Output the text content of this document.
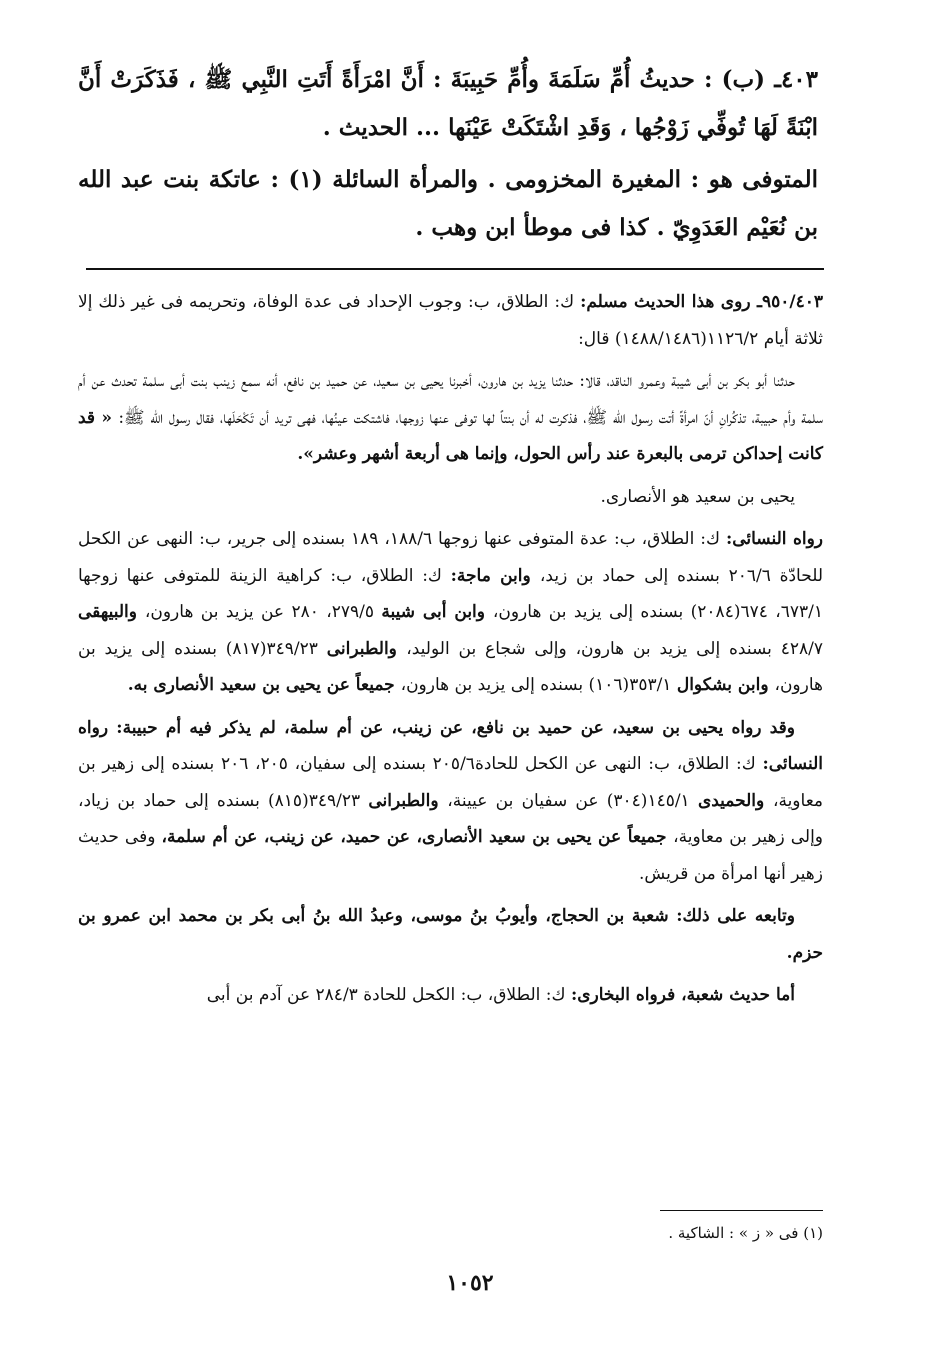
٤٠٣ـ (ب) : حديثُ أُمِّ سَلَمَةَ وأُمِّ حَبِيبَةَ : أَنَّ امْرَأَةً أَتَتِ النَّبِي ﷺ ، فَذَكَرَتْ أَنَّ ابْنَةً لَهَا تُوفِّي زَوْجُها ، وَقَدِ اشْتَكَتْ عَيْنَها ... الحديث .

المتوفى هو : المغيرة المخزومى . والمرأة السائلة (١) : عاتكة بنت عبد الله بن نُعَيْم العَدَوِيّ . كذا فى موطأ ابن وهب .

٩٥٠/٤٠٣ـ روى هذا الحديث مسلم: ك: الطلاق، ب: وجوب الإحداد فى عدة الوفاة، وتحريمه فى غير ذلك إلا ثلاثة أيام ١١٢٦/٢(١٤٨٨/١٤٨٦) قال:

حدثنا أبو بكر بن أبى شيبة وعمرو الناقد، قالا: حدثنا يزيد بن هارون، أخبرنا يحيى بن سعيد، عن حميد بن نافع، أنه سمع زينب بنت أبى سلمة تحدث عن أم سلمة وأم حبيبة، تذكُرانِ أنّ امرأةً أتت رسول الله ﷺ، فذكرت له أن بنتاً لها توفى عنها زوجها، فاشتكت عينُها، فهى تريد أن تَكْحَلَها، فقال رسول الله ﷺ: « قد كانت إحداكن ترمى بالبعرة عند رأس الحول، وإنما هى أربعة أشهر وعشر».

يحيى بن سعيد هو الأنصارى.

رواه النسائى: ك: الطلاق، ب: عدة المتوفى عنها زوجها ١٨٨/٦، ١٨٩ بسنده إلى جرير، ب: النهى عن الكحل للحادّة ٢٠٦/٦ بسنده إلى حماد بن زيد، وابن ماجة: ك: الطلاق، ب: كراهية الزينة للمتوفى عنها زوجها ٦٧٣/١، ٦٧٤(٢٠٨٤) بسنده إلى يزيد بن هارون، وابن أبى شيبة ٢٧٩/٥، ٢٨٠ عن يزيد بن هارون، والبيهقى ٤٢٨/٧ بسنده إلى يزيد بن هارون، وإلى شجاع بن الوليد، والطبرانى ٣٤٩/٢٣(٨١٧) بسنده إلى يزيد بن هارون، وابن بشكوال ٣٥٣/١(١٠٦) بسنده إلى يزيد بن هارون، جميعاً عن يحيى بن سعيد الأنصارى به.

وقد رواه يحيى بن سعيد، عن حميد بن نافع، عن زينب، عن أم سلمة، لم يذكر فيه أم حبيبة: رواه النسائى: ك: الطلاق، ب: النهى عن الكحل للحادة٢٠٥/٦ بسنده إلى سفيان، ٢٠٥، ٢٠٦ بسنده إلى زهير بن معاوية، والحميدى ١٤٥/١(٣٠٤) عن سفيان بن عيينة، والطبرانى ٣٤٩/٢٣(٨١٥) بسنده إلى حماد بن زياد، وإلى زهير بن معاوية، جميعاً عن يحيى بن سعيد الأنصارى، عن حميد، عن زينب، عن أم سلمة، وفى حديث زهير أنها امرأة من قريش.

وتابعه على ذلك: شعبة بن الحجاج، وأيوبُ بنُ موسى، وعبدُ الله بنُ أبى بكر بن محمد ابن عمرو بن حزم.

أما حديث شعبة، فرواه البخارى: ك: الطلاق، ب: الكحل للحادة ٢٨٤/٣ عن آدم بن أبى

(١) فى « ز » : الشاكية .
١٠٥٢
